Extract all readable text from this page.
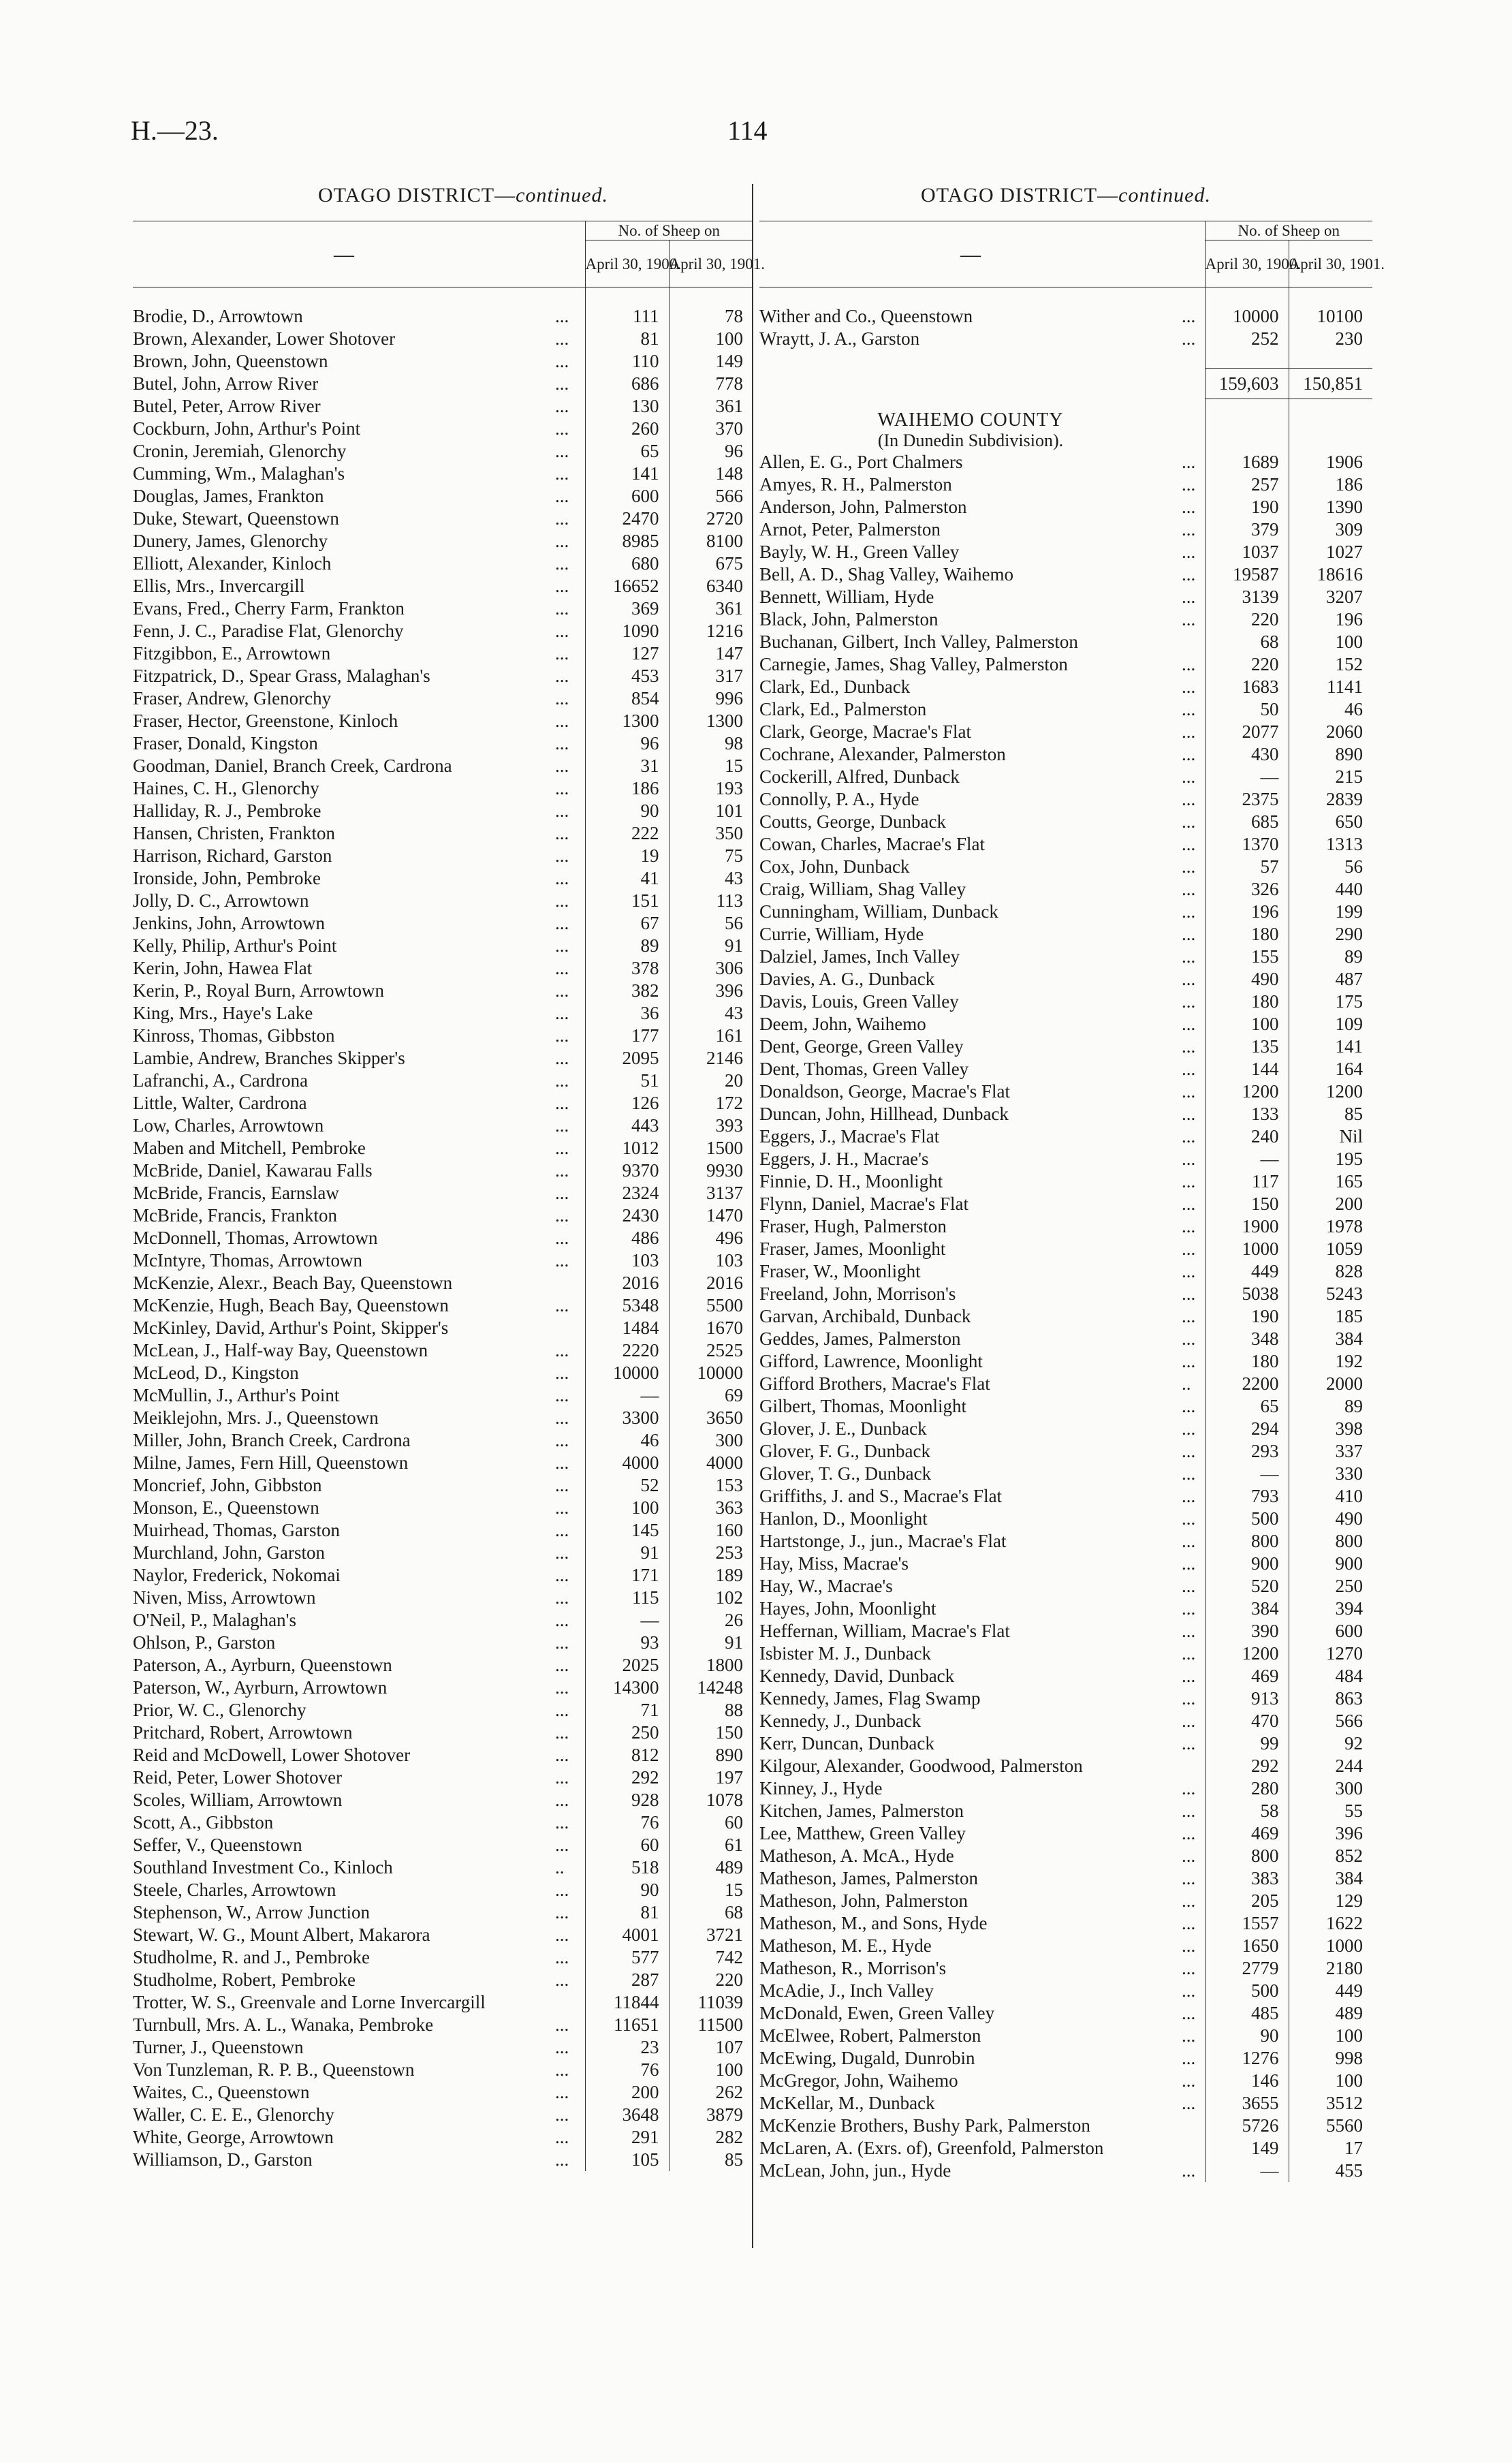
H.—23.	114
OTAGO DISTRICT—continued.
—		No. of Sheep on	
		April 30, 1900.	April 30, 1901.

Brodie, D., Arrowtown	...	111	78
Brown, Alexander, Lower Shotover	...	81	100
Brown, John, Queenstown	...	110	149
Butel, John, Arrow River	...	686	778
Butel, Peter, Arrow River	...	130	361
Cockburn, John, Arthur's Point	...	260	370
Cronin, Jeremiah, Glenorchy	...	65	96
Cumming, Wm., Malaghan's	...	141	148
Douglas, James, Frankton	...	600	566
Duke, Stewart, Queenstown	...	2470	2720
Dunery, James, Glenorchy	...	8985	8100
Elliott, Alexander, Kinloch	...	680	675
Ellis, Mrs., Invercargill	...	16652	6340
Evans, Fred., Cherry Farm, Frankton	...	369	361
Fenn, J. C., Paradise Flat, Glenorchy	...	1090	1216
Fitzgibbon, E., Arrowtown	...	127	147
Fitzpatrick, D., Spear Grass, Malaghan's	...	453	317
Fraser, Andrew, Glenorchy	...	854	996
Fraser, Hector, Greenstone, Kinloch	...	1300	1300
Fraser, Donald, Kingston	...	96	98
Goodman, Daniel, Branch Creek, Cardrona	...	31	15
Haines, C. H., Glenorchy	...	186	193
Halliday, R. J., Pembroke	...	90	101
Hansen, Christen, Frankton	...	222	350
Harrison, Richard, Garston	...	19	75
Ironside, John, Pembroke	...	41	43
Jolly, D. C., Arrowtown	...	151	113
Jenkins, John, Arrowtown	...	67	56
Kelly, Philip, Arthur's Point	...	89	91
Kerin, John, Hawea Flat	...	378	306
Kerin, P., Royal Burn, Arrowtown	...	382	396
King, Mrs., Haye's Lake	...	36	43
Kinross, Thomas, Gibbston	...	177	161
Lambie, Andrew, Branches Skipper's	...	2095	2146
Lafranchi, A., Cardrona	...	51	20
Little, Walter, Cardrona	...	126	172
Low, Charles, Arrowtown	...	443	393
Maben and Mitchell, Pembroke	...	1012	1500
McBride, Daniel, Kawarau Falls	...	9370	9930
McBride, Francis, Earnslaw	...	2324	3137
McBride, Francis, Frankton	...	2430	1470
McDonnell, Thomas, Arrowtown	...	486	496
McIntyre, Thomas, Arrowtown	...	103	103
McKenzie, Alexr., Beach Bay, Queenstown		2016	2016
McKenzie, Hugh, Beach Bay, Queenstown	...	5348	5500
McKinley, David, Arthur's Point, Skipper's		1484	1670
McLean, J., Half-way Bay, Queenstown	...	2220	2525
McLeod, D., Kingston	...	10000	10000
McMullin, J., Arthur's Point	...	—	69
Meiklejohn, Mrs. J., Queenstown	...	3300	3650
Miller, John, Branch Creek, Cardrona	...	46	300
Milne, James, Fern Hill, Queenstown	...	4000	4000
Moncrief, John, Gibbston	...	52	153
Monson, E., Queenstown	...	100	363
Muirhead, Thomas, Garston	...	145	160
Murchland, John, Garston	...	91	253
Naylor, Frederick, Nokomai	...	171	189
Niven, Miss, Arrowtown	...	115	102
O'Neil, P., Malaghan's	...	—	26
Ohlson, P., Garston	...	93	91
Paterson, A., Ayrburn, Queenstown	...	2025	1800
Paterson, W., Ayrburn, Arrowtown	...	14300	14248
Prior, W. C., Glenorchy	...	71	88
Pritchard, Robert, Arrowtown	...	250	150
Reid and McDowell, Lower Shotover	...	812	890
Reid, Peter, Lower Shotover	...	292	197
Scoles, William, Arrowtown	...	928	1078
Scott, A., Gibbston	...	76	60
Seffer, V., Queenstown	...	60	61
Southland Investment Co., Kinloch	..	518	489
Steele, Charles, Arrowtown	...	90	15
Stephenson, W., Arrow Junction	...	81	68
Stewart, W. G., Mount Albert, Makarora	...	4001	3721
Studholme, R. and J., Pembroke	...	577	742
Studholme, Robert, Pembroke	...	287	220
Trotter, W. S., Greenvale and Lorne Invercargill		11844	11039
Turnbull, Mrs. A. L., Wanaka, Pembroke	...	11651	11500
Turner, J., Queenstown	...	23	107
Von Tunzleman, R. P. B., Queenstown	...	76	100
Waites, C., Queenstown	...	200	262
Waller, C. E. E., Glenorchy	...	3648	3879
White, George, Arrowtown	...	291	282
Williamson, D., Garston	...	105	85
OTAGO DISTRICT—continued.
—		No. of Sheep on	
		April 30, 1900.	April 30, 1901.

Wither and Co., Queenstown	...	10000	10100
Wraytt, J. A., Garston	...	252	230

		159,603	150,851
WAIHEMO COUNTY			
(In Dunedin Subdivision).			
Allen, E. G., Port Chalmers	...	1689	1906
Amyes, R. H., Palmerston	...	257	186
Anderson, John, Palmerston	...	190	1390
Arnot, Peter, Palmerston	...	379	309
Bayly, W. H., Green Valley	...	1037	1027
Bell, A. D., Shag Valley, Waihemo	...	19587	18616
Bennett, William, Hyde	...	3139	3207
Black, John, Palmerston	...	220	196
Buchanan, Gilbert, Inch Valley, Palmerston		68	100
Carnegie, James, Shag Valley, Palmerston	...	220	152
Clark, Ed., Dunback	...	1683	1141
Clark, Ed., Palmerston	...	50	46
Clark, George, Macrae's Flat	...	2077	2060
Cochrane, Alexander, Palmerston	...	430	890
Cockerill, Alfred, Dunback	...	—	215
Connolly, P. A., Hyde	...	2375	2839
Coutts, George, Dunback	...	685	650
Cowan, Charles, Macrae's Flat	...	1370	1313
Cox, John, Dunback	...	57	56
Craig, William, Shag Valley	...	326	440
Cunningham, William, Dunback	...	196	199
Currie, William, Hyde	...	180	290
Dalziel, James, Inch Valley	...	155	89
Davies, A. G., Dunback	...	490	487
Davis, Louis, Green Valley	...	180	175
Deem, John, Waihemo	...	100	109
Dent, George, Green Valley	...	135	141
Dent, Thomas, Green Valley	...	144	164
Donaldson, George, Macrae's Flat	...	1200	1200
Duncan, John, Hillhead, Dunback	...	133	85
Eggers, J., Macrae's Flat	...	240	Nil
Eggers, J. H., Macrae's	...	—	195
Finnie, D. H., Moonlight	...	117	165
Flynn, Daniel, Macrae's Flat	...	150	200
Fraser, Hugh, Palmerston	...	1900	1978
Fraser, James, Moonlight	...	1000	1059
Fraser, W., Moonlight	...	449	828
Freeland, John, Morrison's	...	5038	5243
Garvan, Archibald, Dunback	...	190	185
Geddes, James, Palmerston	...	348	384
Gifford, Lawrence, Moonlight	...	180	192
Gifford Brothers, Macrae's Flat	..	2200	2000
Gilbert, Thomas, Moonlight	...	65	89
Glover, J. E., Dunback	...	294	398
Glover, F. G., Dunback	...	293	337
Glover, T. G., Dunback	...	—	330
Griffiths, J. and S., Macrae's Flat	...	793	410
Hanlon, D., Moonlight	...	500	490
Hartstonge, J., jun., Macrae's Flat	...	800	800
Hay, Miss, Macrae's	...	900	900
Hay, W., Macrae's	...	520	250
Hayes, John, Moonlight	...	384	394
Heffernan, William, Macrae's Flat	...	390	600
Isbister M. J., Dunback	...	1200	1270
Kennedy, David, Dunback	...	469	484
Kennedy, James, Flag Swamp	...	913	863
Kennedy, J., Dunback	...	470	566
Kerr, Duncan, Dunback	...	99	92
Kilgour, Alexander, Goodwood, Palmerston		292	244
Kinney, J., Hyde	...	280	300
Kitchen, James, Palmerston	...	58	55
Lee, Matthew, Green Valley	...	469	396
Matheson, A. McA., Hyde	...	800	852
Matheson, James, Palmerston	...	383	384
Matheson, John, Palmerston	...	205	129
Matheson, M., and Sons, Hyde	...	1557	1622
Matheson, M. E., Hyde	...	1650	1000
Matheson, R., Morrison's	...	2779	2180
McAdie, J., Inch Valley	...	500	449
McDonald, Ewen, Green Valley	...	485	489
McElwee, Robert, Palmerston	...	90	100
McEwing, Dugald, Dunrobin	...	1276	998
McGregor, John, Waihemo	...	146	100
McKellar, M., Dunback	...	3655	3512
McKenzie Brothers, Bushy Park, Palmerston		5726	5560
McLaren, A. (Exrs. of), Greenfold, Palmerston		149	17
McLean, John, jun., Hyde	...	—	455
